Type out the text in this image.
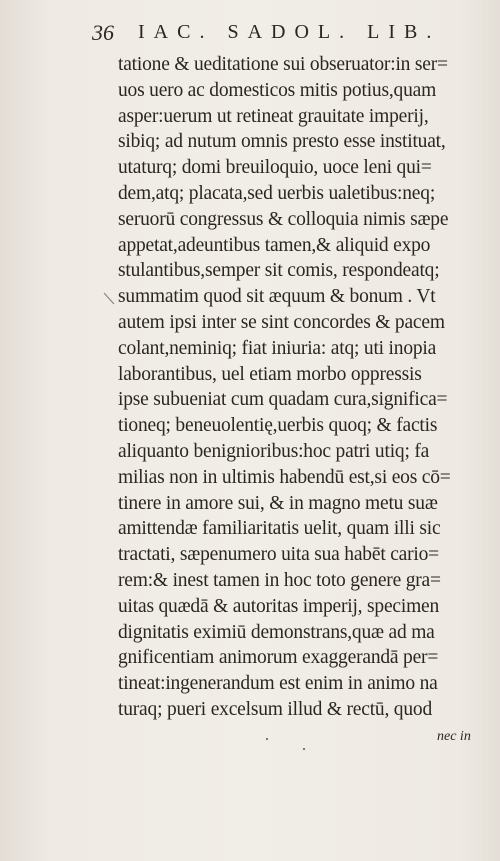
36 IAC. SADOL. LIB.
tatione & ueditatione sui obseruator:in ser=
uos uero ac domesticos mitis potius,quam
asper:uerum ut retineat grauitate imperij,
sibiq; ad nutum omnis presto esse instituat,
utaturq; domi breuiloquio, uoce leni qui=
dem,atq; placata,sed uerbis ualetibus:neq;
seruorū congressus & colloquia nimis sæpe
appetat,adeuntibus tamen,& aliquid expo
stulantibus,semper sit comis, respondeatq;
summatim quod sit æquum & bonum . Vt
autem ipsi inter se sint concordes & pacem
colant,neminiq; fiat iniuria: atq; uti inopia
laborantibus, uel etiam morbo oppressis
ipse subueniat cum quadam cura,significa=
tioneq; beneuolentię,uerbis quoq; & factis
aliquanto benignioribus:hoc patri utiq; fa
milias non in ultimis habendū est,si eos cō=
tinere in amore sui, & in magno metu suæ
amittendæ familiaritatis uelit, quam illi sic
tractati, sæpenumero uita sua habēt cario=
rem:& inest tamen in hoc toto genere gra=
uitas quædā & autoritas imperij, specimen
dignitatis eximiū demonstrans,quæ ad ma
gnificentiam animorum exaggerandā per=
tineat:ingenerandum est enim in animo na
turaq; pueri excelsum illud & rectū, quod
nec in
